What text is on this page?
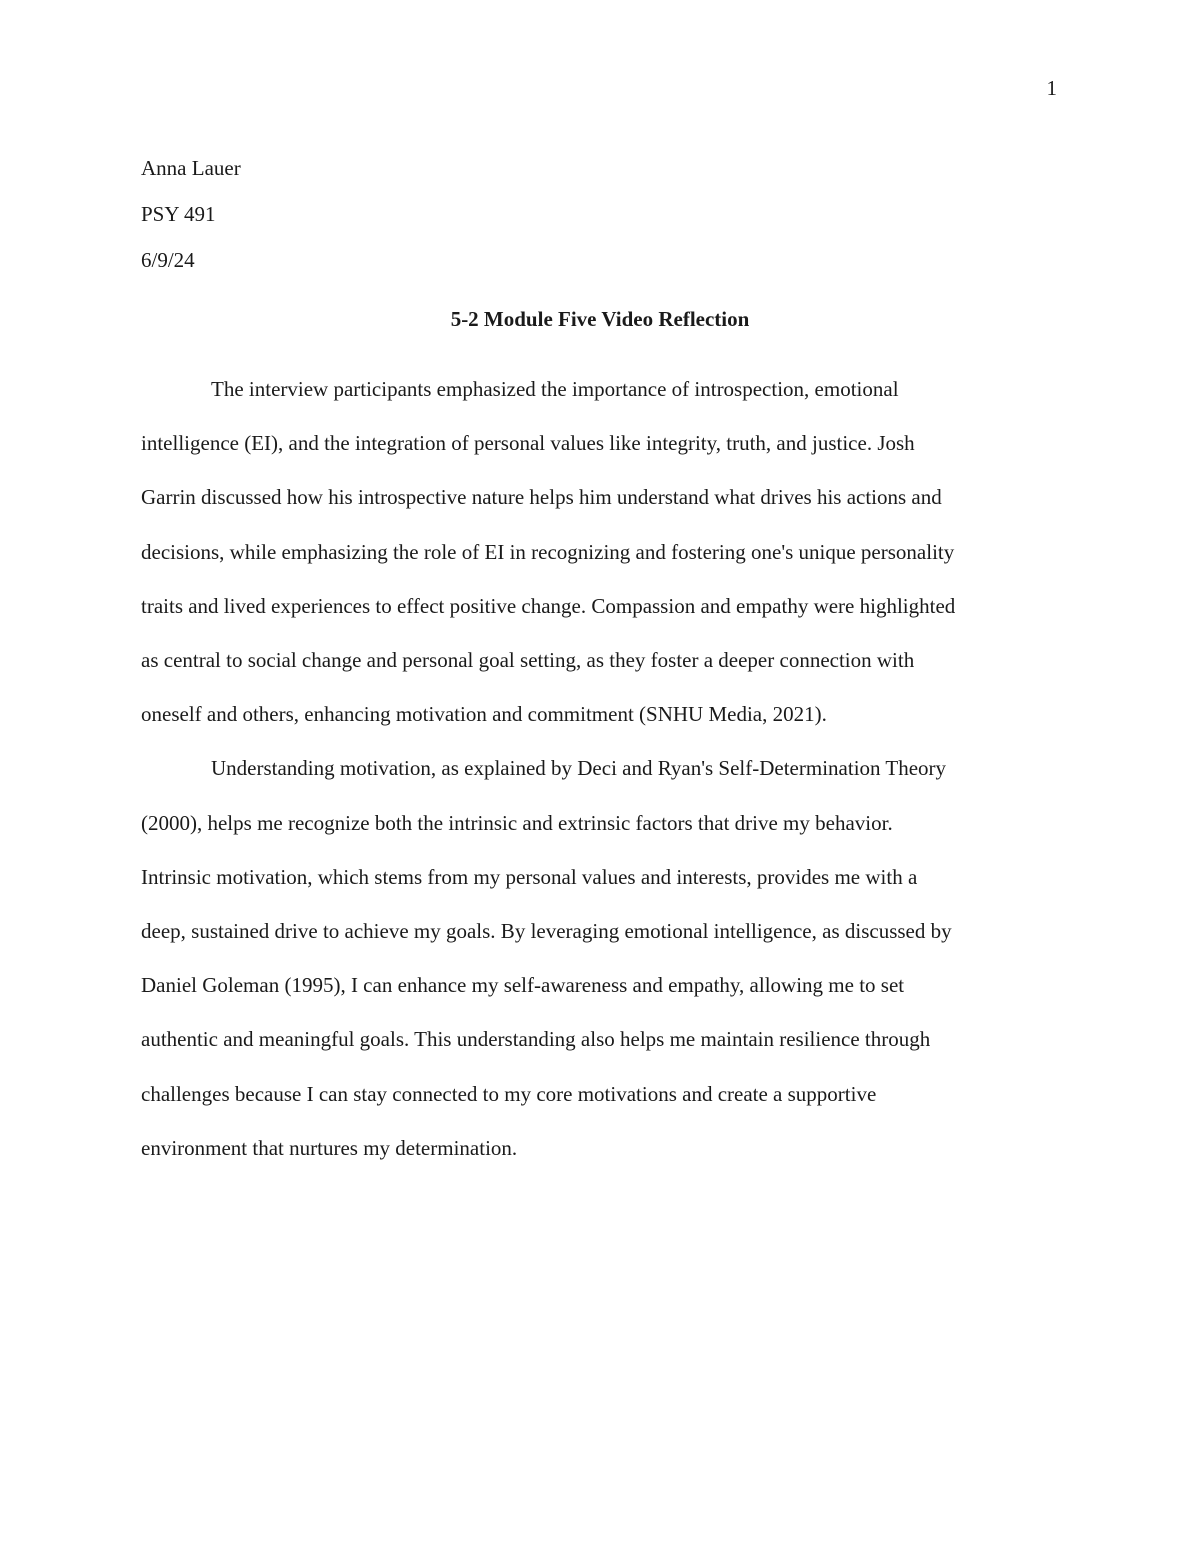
1
Anna Lauer
PSY 491
6/9/24
5-2 Module Five Video Reflection

The interview participants emphasized the importance of introspection, emotional
intelligence (EI), and the integration of personal values like integrity, truth, and justice. Josh
Garrin discussed how his introspective nature helps him understand what drives his actions and
decisions, while emphasizing the role of EI in recognizing and fostering one's unique personality
traits and lived experiences to effect positive change. Compassion and empathy were highlighted
as central to social change and personal goal setting, as they foster a deeper connection with
oneself and others, enhancing motivation and commitment (SNHU Media, 2021).

Understanding motivation, as explained by Deci and Ryan's Self-Determination Theory
(2000), helps me recognize both the intrinsic and extrinsic factors that drive my behavior.
Intrinsic motivation, which stems from my personal values and interests, provides me with a
deep, sustained drive to achieve my goals. By leveraging emotional intelligence, as discussed by
Daniel Goleman (1995), I can enhance my self-awareness and empathy, allowing me to set
authentic and meaningful goals. This understanding also helps me maintain resilience through
challenges because I can stay connected to my core motivations and create a supportive
environment that nurtures my determination.
